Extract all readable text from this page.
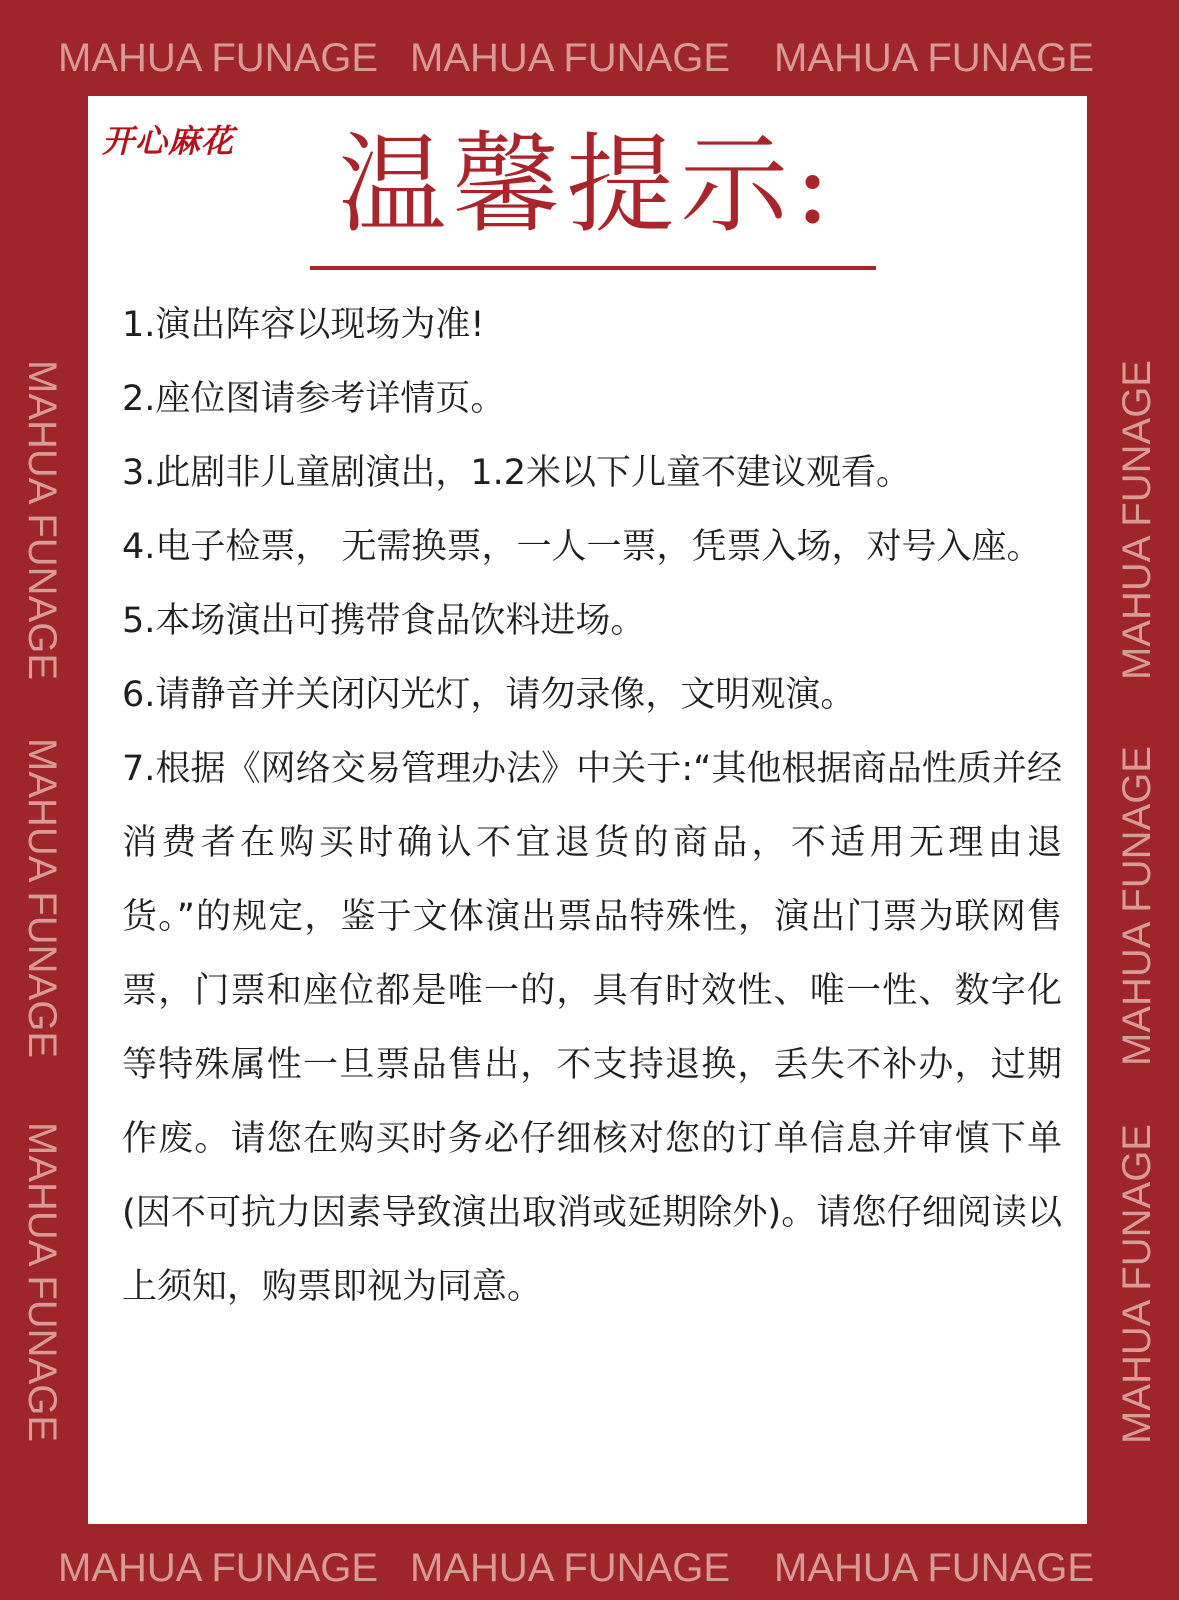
MAHUA FUNAGE MAHUA FUNAGE MAHUA FUNAGE
MAHUA FUNAGE MAHUA FUNAGE MAHUA FUNAGE
MAHUA FUNAGE
MAHUA FUNAGE
MAHUA FUNAGE
MAHUA FUNAGE
MAHUA FUNAGE
MAHUA FUNAGE
开心麻花 温馨提示:
1.演出阵容以现场为准!
2.座位图请参考详情页。
3.此剧非儿童剧演出，1.2米以下儿童不建议观看。
4.电子检票， 无需换票，一人一票，凭票入场，对号入座。
5.本场演出可携带食品饮料进场。
6.请静音并关闭闪光灯，请勿录像，文明观演。
7.根据《网络交易管理办法》中关于:“其他根据商品性质并经消费者在购买时确认不宜退货的商品，不适用无理由退货。”的规定，鉴于文体演出票品特殊性，演出门票为联网售票，门票和座位都是唯一的，具有时效性、唯一性、数字化等特殊属性一旦票品售出，不支持退换，丢失不补办，过期作废。请您在购买时务必仔细核对您的订单信息并审慎下单(因不可抗力因素导致演出取消或延期除外)。请您仔细阅读以上须知，购票即视为同意。
